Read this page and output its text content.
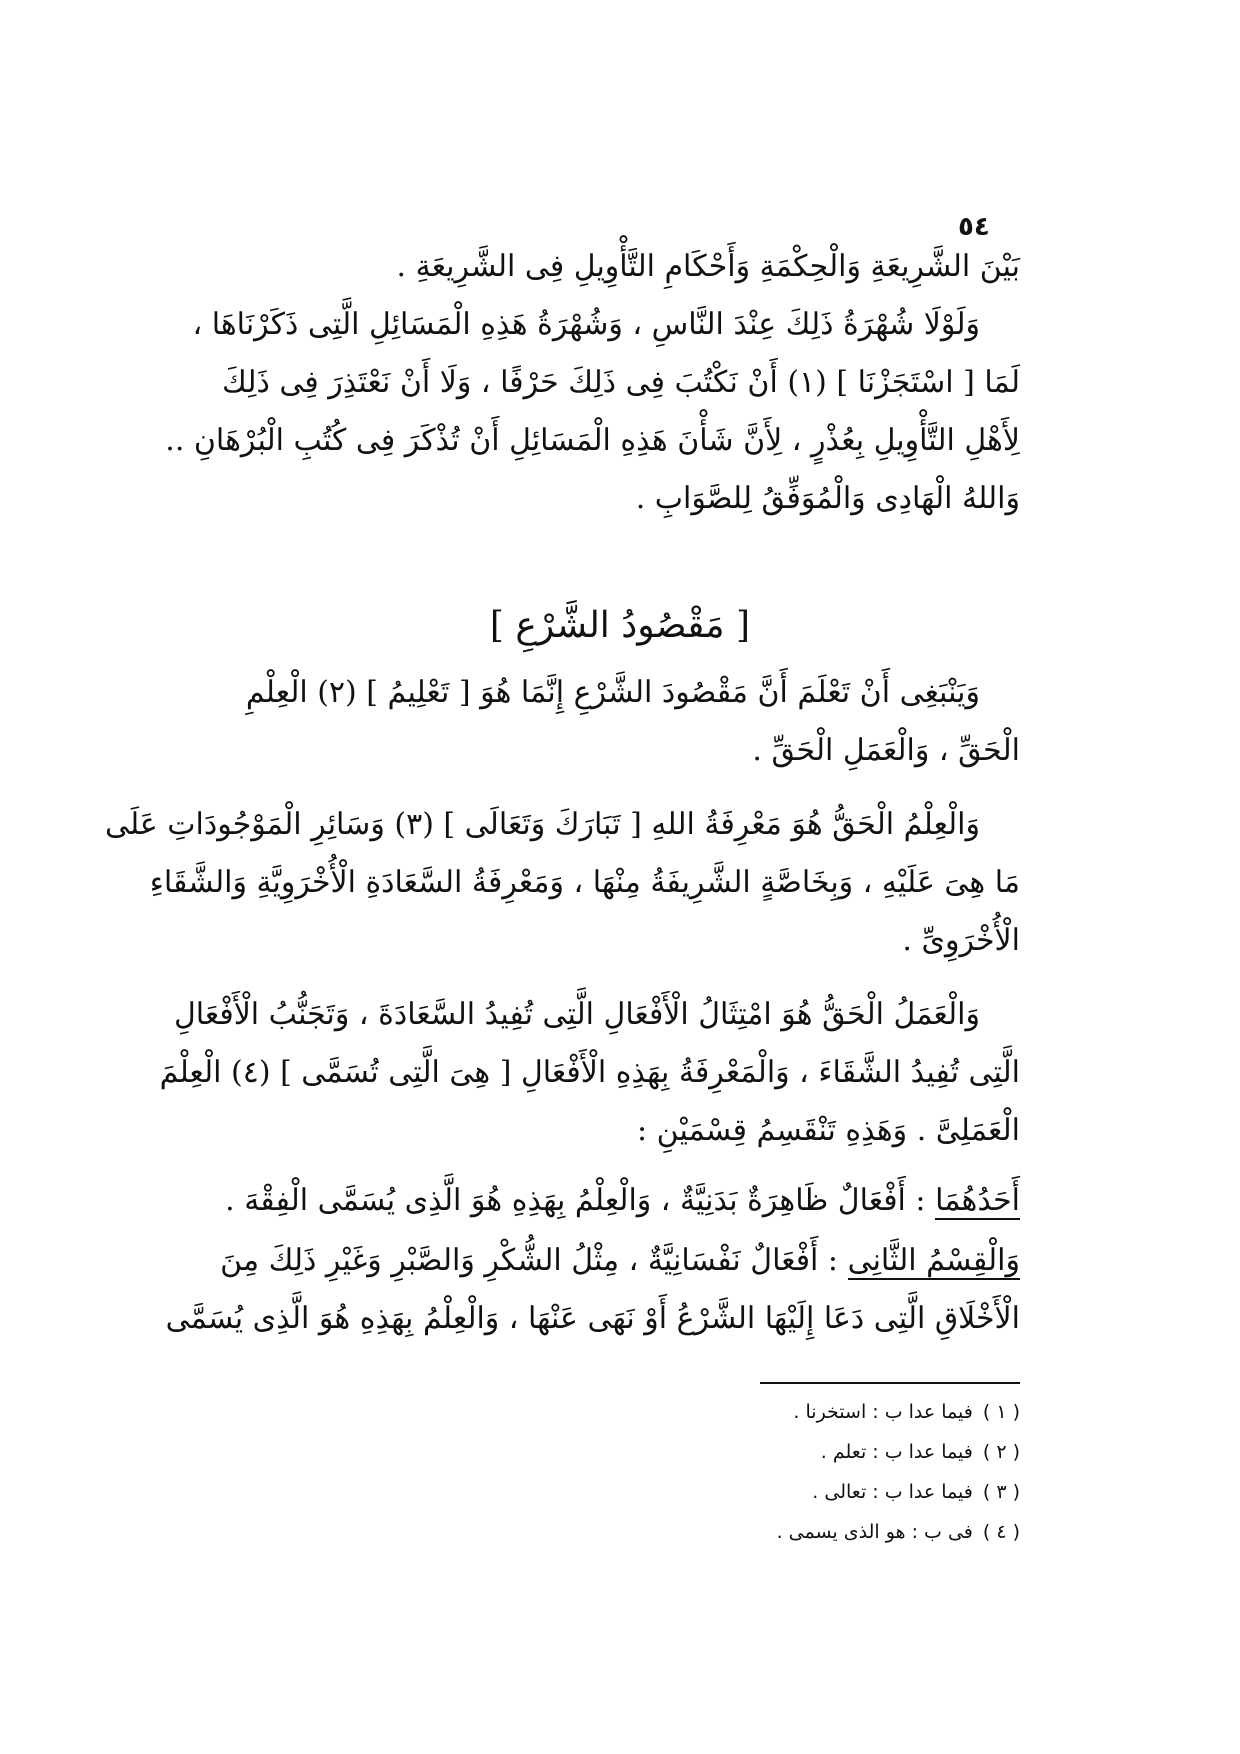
٥٤
بَيْنَ الشَّرِيعَةِ وَالْحِكْمَةِ وَأَحْكَامِ التَّأْوِيلِ فِى الشَّرِيعَةِ .
وَلَوْلَا شُهْرَةُ ذَلِكَ عِنْدَ النَّاسِ ، وَشُهْرَةُ هَذِهِ الْمَسَائِلِ الَّتِى ذَكَرْنَاهَا ،
لَمَا [ اسْتَجَزْنَا ] (١) أَنْ نَكْتُبَ فِى ذَلِكَ حَرْفًا ، وَلَا أَنْ نَعْتَذِرَ فِى ذَلِكَ
لِأَهْلِ التَّأْوِيلِ بِعُذْرٍ ، لِأَنَّ شَأْنَ هَذِهِ الْمَسَائِلِ أَنْ تُذْكَرَ فِى كُتُبِ الْبُرْهَانِ ..
وَاللهُ الْهَادِى وَالْمُوَفِّقُ لِلصَّوَابِ .
[ مَقْصُودُ الشَّرْعِ ]
وَيَنْبَغِى أَنْ تَعْلَمَ أَنَّ مَقْصُودَ الشَّرْعِ إِنَّمَا هُوَ [ تَعْلِيمُ ] (٢) الْعِلْمِ
الْحَقِّ ، وَالْعَمَلِ الْحَقِّ .
وَالْعِلْمُ الْحَقُّ هُوَ مَعْرِفَةُ اللهِ [ تَبَارَكَ وَتَعَالَى ] (٣) وَسَائِرِ الْمَوْجُودَاتِ عَلَى
مَا هِىَ عَلَيْهِ ، وَبِخَاصَّةٍ الشَّرِيفَةُ مِنْهَا ، وَمَعْرِفَةُ السَّعَادَةِ الْأُخْرَوِيَّةِ وَالشَّقَاءِ
الْأُخْرَوِىِّ .
وَالْعَمَلُ الْحَقُّ هُوَ امْتِثَالُ الْأَفْعَالِ الَّتِى تُفِيدُ السَّعَادَةَ ، وَتَجَنُّبُ الْأَفْعَالِ
الَّتِى تُفِيدُ الشَّقَاءَ ، وَالْمَعْرِفَةُ بِهَذِهِ الْأَفْعَالِ [ هِىَ الَّتِى تُسَمَّى ] (٤) الْعِلْمَ
الْعَمَلِىَّ . وَهَذِهِ تَنْقَسِمُ قِسْمَيْنِ :
أَحَدُهُمَا : أَفْعَالٌ ظَاهِرَةٌ بَدَنِيَّةٌ ، وَالْعِلْمُ بِهَذِهِ هُوَ الَّذِى يُسَمَّى الْفِقْهَ .
وَالْقِسْمُ الثَّانِى : أَفْعَالٌ نَفْسَانِيَّةٌ ، مِثْلُ الشُّكْرِ وَالصَّبْرِ وَغَيْرِ ذَلِكَ مِنَ
الْأَخْلَاقِ الَّتِى دَعَا إِلَيْهَا الشَّرْعُ أَوْ نَهَى عَنْهَا ، وَالْعِلْمُ بِهَذِهِ هُوَ الَّذِى يُسَمَّى
( ١ )فيما عدا ب : استخرنا .
( ٢ )فيما عدا ب : تعلم .
( ٣ )فيما عدا ب : تعالى .
( ٤ )فى ب : هو الذى يسمى .
